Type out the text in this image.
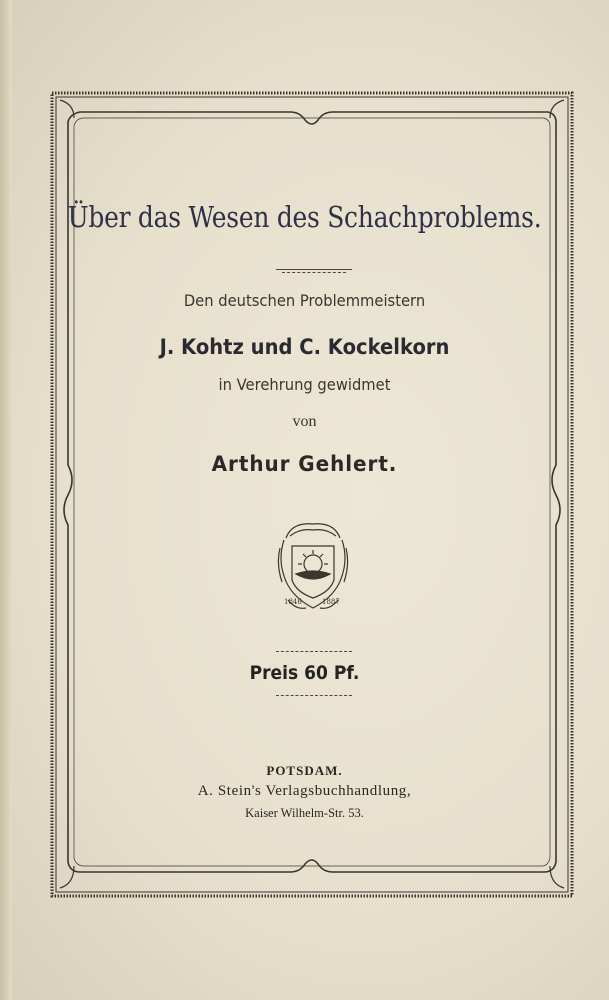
Über das Wesen des Schachproblems.
Den deutschen Problemmeistern
J. Kohtz und C. Kockelkorn
in Verehrung gewidmet
von
Arthur Gehlert.
1846	1887
Preis 60 Pf.
POTSDAM.
A. Stein's Verlagsbuchhandlung,
Kaiser Wilhelm-Str. 53.
